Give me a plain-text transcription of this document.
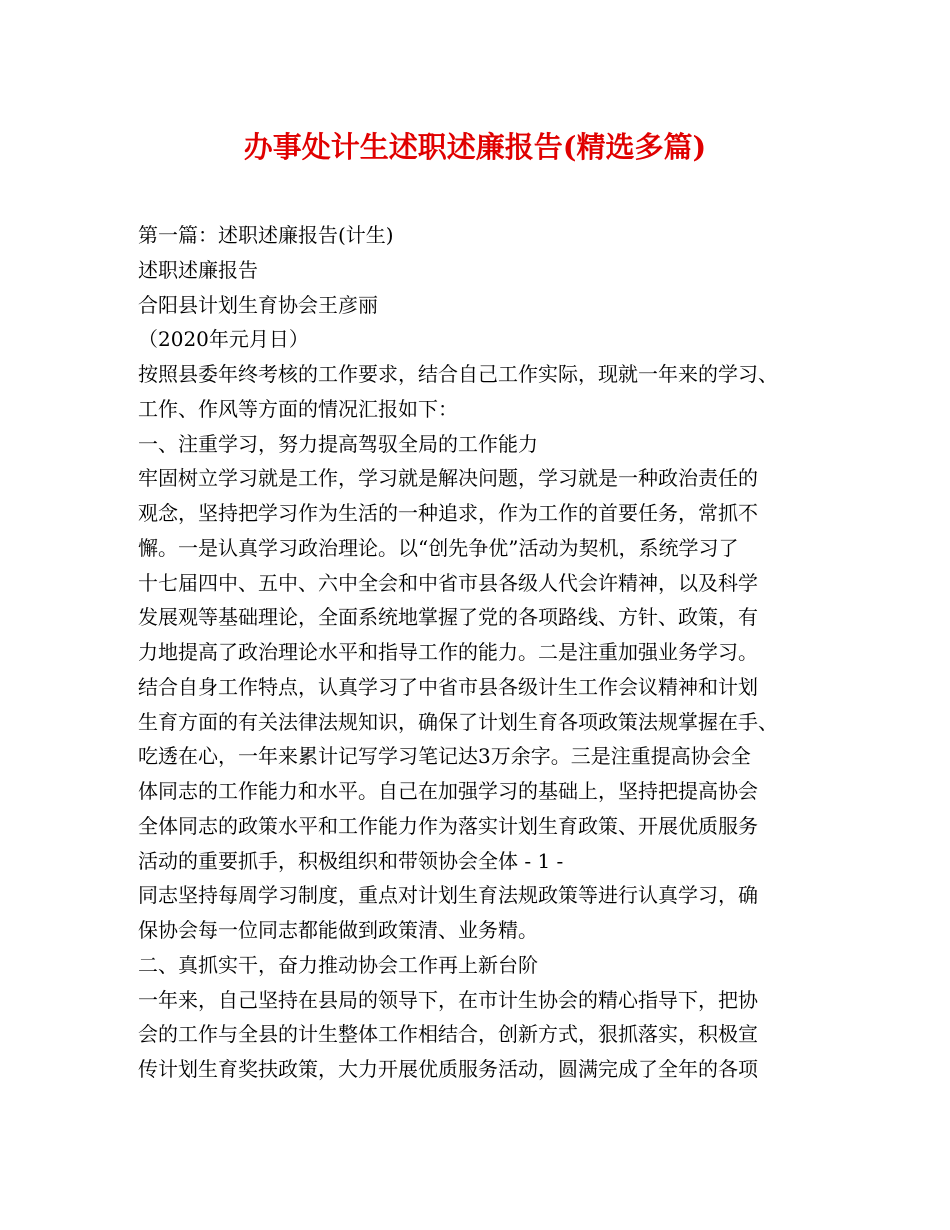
办事处计生述职述廉报告(精选多篇)
第一篇：述职述廉报告(计生)
述职述廉报告
合阳县计划生育协会王彦丽
（2020年元月日）
按照县委年终考核的工作要求，结合自己工作实际，现就一年来的学习、
工作、作风等方面的情况汇报如下：
一、注重学习，努力提高驾驭全局的工作能力
牢固树立学习就是工作，学习就是解决问题，学习就是一种政治责任的
观念，坚持把学习作为生活的一种追求，作为工作的首要任务，常抓不
懈。一是认真学习政治理论。以“创先争优”活动为契机，系统学习了
十七届四中、五中、六中全会和中省市县各级人代会许精神，以及科学
发展观等基础理论，全面系统地掌握了党的各项路线、方针、政策，有
力地提高了政治理论水平和指导工作的能力。二是注重加强业务学习。
结合自身工作特点，认真学习了中省市县各级计生工作会议精神和计划
生育方面的有关法律法规知识，确保了计划生育各项政策法规掌握在手、
吃透在心，一年来累计记写学习笔记达3万余字。三是注重提高协会全
体同志的工作能力和水平。自己在加强学习的基础上，坚持把提高协会
全体同志的政策水平和工作能力作为落实计划生育政策、开展优质服务
活动的重要抓手，积极组织和带领协会全体 - 1 -
同志坚持每周学习制度，重点对计划生育法规政策等进行认真学习，确
保协会每一位同志都能做到政策清、业务精。
二、真抓实干，奋力推动协会工作再上新台阶
一年来，自己坚持在县局的领导下，在市计生协会的精心指导下，把协
会的工作与全县的计生整体工作相结合，创新方式，狠抓落实，积极宣
传计划生育奖扶政策，大力开展优质服务活动，圆满完成了全年的各项
